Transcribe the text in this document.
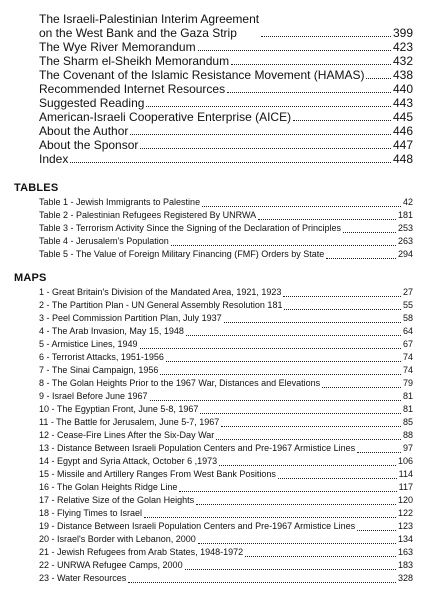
The Israeli-Palestinian Interim Agreement
on the West Bank and the Gaza Strip	399
The Wye River Memorandum	423
The Sharm el-Sheikh Memorandum	432
The Covenant of the Islamic Resistance Movement (HAMAS) 438
Recommended Internet Resources	440
Suggested Reading	443
American-Israeli Cooperative Enterprise (AICE)	445
About the Author	446
About the Sponsor	447
Index	448
TABLES
Table 1 - Jewish Immigrants to Palestine	42
Table 2 - Palestinian Refugees Registered By UNRWA	181
Table 3 - Terrorism Activity Since the Signing of the Declaration of Principles	253
Table 4 - Jerusalem's Population	263
Table 5 - The Value of Foreign Military Financing (FMF) Orders by State	294
MAPS
1 - Great Britain's Division of the Mandated Area, 1921, 1923	27
2 - The Partition Plan - UN General Assembly Resolution 181	55
3 - Peel Commission Partition Plan, July 1937	58
4 - The Arab Invasion, May 15, 1948	64
5 - Armistice Lines, 1949	67
6 - Terrorist Attacks, 1951-1956	74
7 - The Sinai Campaign, 1956	74
8 - The Golan Heights Prior to the 1967 War, Distances and Elevations	79
9 - Israel Before June 1967	81
10 - The Egyptian Front, June 5-8, 1967	81
11 - The Battle for Jerusalem, June 5-7, 1967	85
12 - Cease-Fire Lines After the Six-Day War	88
13 - Distance Between Israeli Population Centers and Pre-1967 Armistice Lines	97
14 - Egypt and Syria Attack, October 6 ,1973	106
15 - Missile and Artillery Ranges From West Bank Positions	114
16 - The Golan Heights Ridge Line	117
17 - Relative Size of the Golan Heights	120
18 - Flying Times to Israel	122
19 - Distance Between Israeli Population Centers and Pre-1967 Armistice Lines	123
20 - Israel's Border with Lebanon, 2000	134
21 - Jewish Refugees from Arab States, 1948-1972	163
22 - UNRWA Refugee Camps, 2000	183
23 - Water Resources	328
